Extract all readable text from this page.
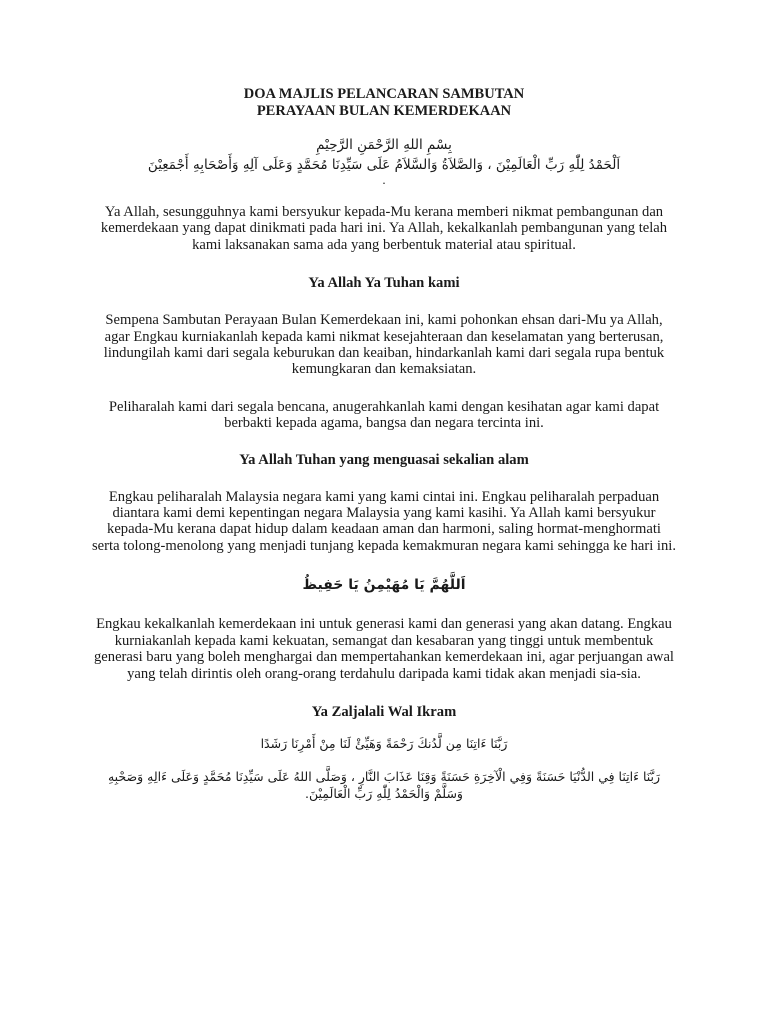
DOA MAJLIS PELANCARAN SAMBUTAN

PERAYAAN BULAN KEMERDEKAAN

بِسْمِ اللهِ الرَّحْمَنِ الرَّحِيْمِ

اَلْحَمْدُ لِلّٰهِ رَبِّ الْعَالَمِيْنَ ، وَالصَّلاَةُ وَالسَّلاَمُ عَلَى سَيِّدِنَا مُحَمَّدٍ وَعَلَى آلِهِ وَأَصْحَابِهِ أَجْمَعِيْنَ

.

Ya Allah, sesungguhnya kami bersyukur kepada-Mu kerana memberi nikmat pembangunan dan kemerdekaan yang dapat dinikmati pada hari ini. Ya Allah, kekalkanlah pembangunan yang telah kami laksanakan sama ada yang berbentuk material atau spiritual.

Ya Allah Ya Tuhan kami

Sempena Sambutan Perayaan Bulan Kemerdekaan ini, kami pohonkan ehsan dari-Mu ya Allah, agar Engkau kurniakanlah kepada kami nikmat kesejahteraan dan keselamatan yang berterusan, lindungilah kami dari segala keburukan dan keaiban, hindarkanlah kami dari segala rupa bentuk kemungkaran dan kemaksiatan.

Peliharalah kami dari segala bencana, anugerahkanlah kami dengan kesihatan agar kami dapat berbakti kepada agama, bangsa dan negara tercinta ini.

Ya Allah Tuhan yang menguasai sekalian alam

Engkau peliharalah Malaysia negara kami yang kami cintai ini. Engkau peliharalah perpaduan diantara kami demi kepentingan negara Malaysia yang kami kasihi. Ya Allah kami bersyukur kepada-Mu kerana dapat hidup dalam keadaan aman dan harmoni, saling hormat-menghormati serta tolong-menolong yang menjadi tunjang kepada kemakmuran negara kami sehingga ke hari ini.

اَللَّهُمَّ يَا مُهَيْمِنُ يَا حَفِيظُ

Engkau kekalkanlah kemerdekaan ini untuk generasi kami dan generasi yang akan datang. Engkau kurniakanlah kepada kami kekuatan, semangat dan kesabaran yang tinggi untuk membentuk generasi baru yang boleh menghargai dan mempertahankan kemerdekaan ini, agar perjuangan awal yang telah dirintis oleh orang-orang terdahulu daripada kami tidak akan menjadi sia-sia.

Ya Zaljalali Wal Ikram

رَبَّنَا ءَاتِنَا مِن لَّدُنكَ رَحْمَةً وَهَيِّئْ لَنَا مِنْ أَمْرِنَا رَشَدًا

رَبَّنَا ءَاتِنَا فِي الدُّنْيَا حَسَنَةً وَفِي الْآخِرَةِ حَسَنَةً وَقِنَا عَذَابَ النَّارِ ، وَصَلَّى اللهُ عَلَى سَيِّدِنَا مُحَمَّدٍ وَعَلَى ءَالِهِ وَصَحْبِهِ وَسَلَّمْ وَالْحَمْدُ لِلّٰهِ رَبِّ الْعَالَمِيْنَ.
